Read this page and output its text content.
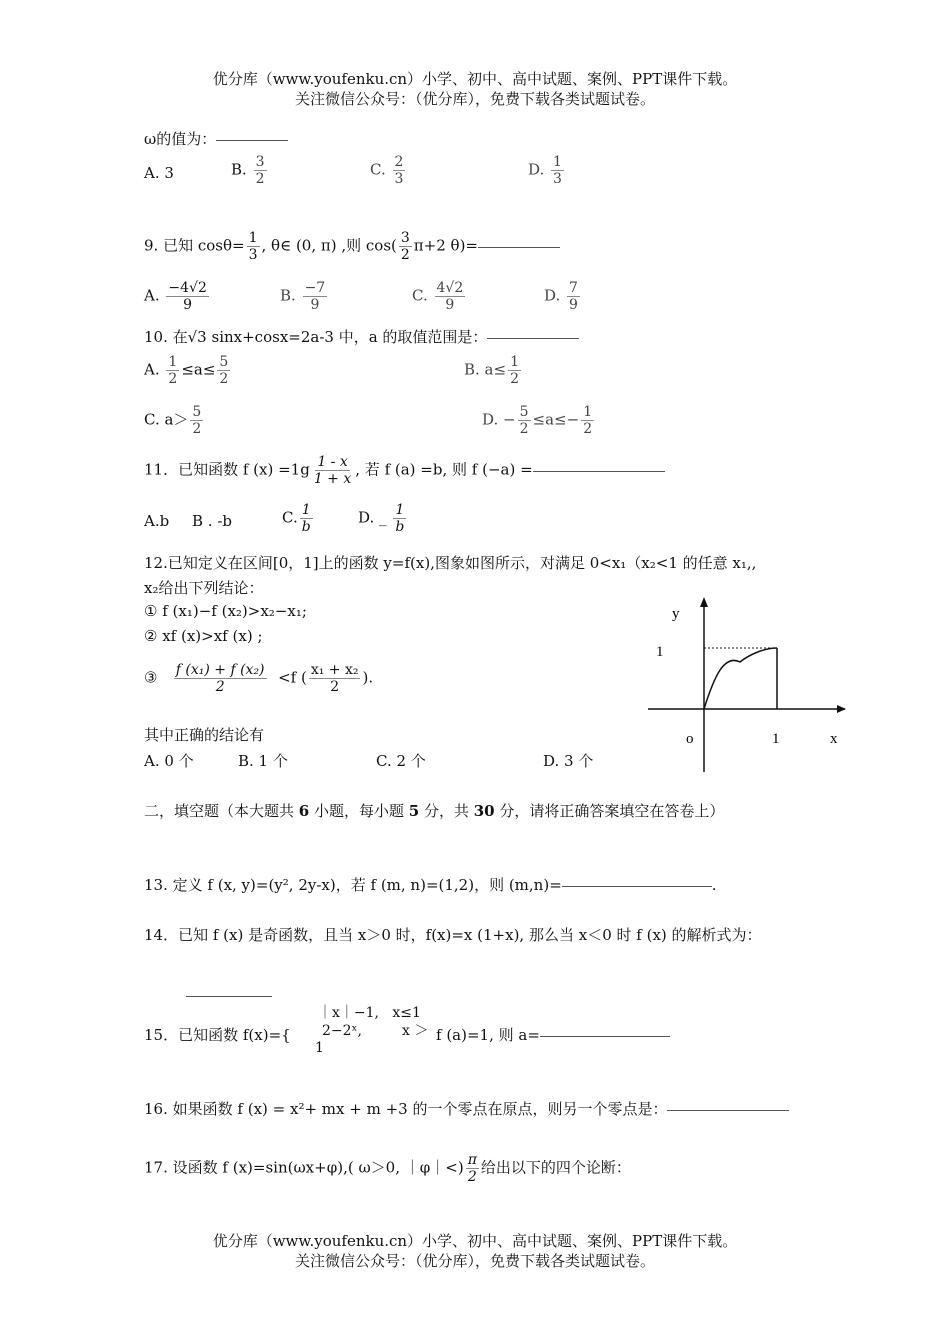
优分库（www.youfenku.cn）小学、初中、高中试题、案例、PPT课件下载。
关注微信公众号：（优分库），免费下载各类试题试卷。
ω的值为：
A. 3	B. $\frac{3}{2}$	C. $\frac{2}{3}$	D. $\frac{1}{3}$
9. 已知 $\cos\theta= \frac{1}{3}$ , θ∈ (0, π) ,则 $\cos( \frac{3}{2} \pi+2$ θ)=
A. $\frac{-4√2}{9}$	B. $\frac{-7}{9}$	C. $\frac{4√2}{9}$	D. $\frac{7}{9}$
10. 在√3 sinx+cosx=2a-3 中，a 的取值范围是：
A. $\frac{1}{2} \le a\le \frac{5}{2}$	B. $a\le \frac{1}{2}$
C. $a> \frac{5}{2}$	D. − $\frac{5}{2} \le a\le- \frac{1}{2}$
11．已知函数 f $(x) =1g \frac{1 - x}{1 + x}$ , 若 f (a) =b, 则 f (−a) =
A.b B . -b	C. $\frac{1}{b}$	D. _ $\frac{1}{b}$
12.已知定义在区间[0，1]上的函数 y=f(x),图象如图所示，对满足 0<x₁（x₂<1 的任意 x₁,,
x₂给出下列结论：
① f (x₁)−f (x₂)>x₂−x₁;
② xf (x)>xf (x) ;
③ $\frac{\text{f (x₁) + f (x₂)}}{2} <f$ ( $\frac{\text{x₁ + x₂}}{2}$ ).
其中正确的结论有
A. 0 个	B. 1 个	C. 2 个	D. 3 个
y
1
o	1	x
二，填空题（本大题共 6 小题，每小题 5 分，共 30 分，请将正确答案填空在答卷上）
13. 定义 f (x, y)=(y², 2y-x)，若 f (m, n)=(1,2)，则 (m,n)=	.
14．已知 f (x) 是奇函数，且当 x＞0 时，f(x)=x (1+x), 那么当 x＜0 时 f (x) 的解析式为：
15．已知函数 f(x)={
｜x｜−1, x≤1
2−2ˣ,	x ＞
1
f (a)=1, 则 a=
16. 如果函数 f (x) = x²+ mx + m +3 的一个零点在原点，则另一个零点是：
17. 设函数 f (x)=sin(ωx+φ),( ω＞0, ｜φ｜<) $\frac{\pi}{2}$ 给出以下的四个论断：
优分库（www.youfenku.cn）小学、初中、高中试题、案例、PPT课件下载。
关注微信公众号：（优分库），免费下载各类试题试卷。
